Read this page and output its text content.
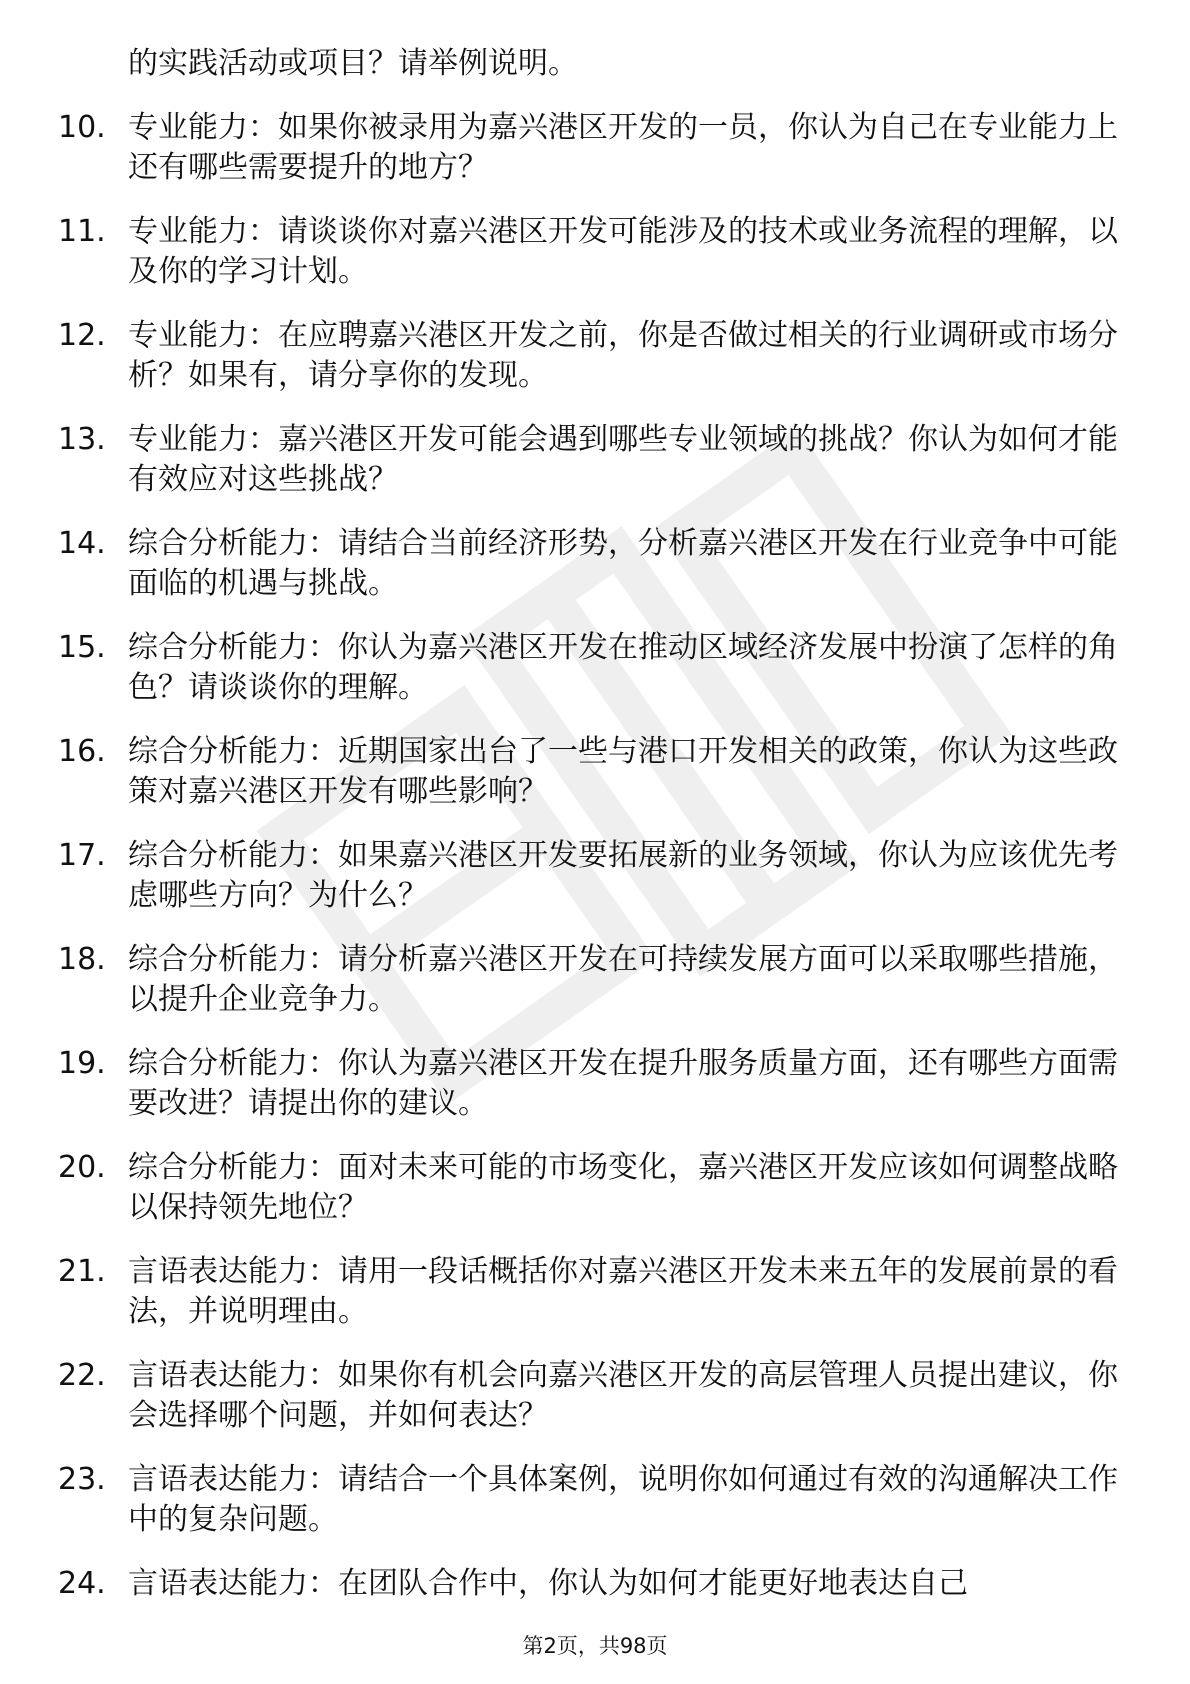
的实践活动或项目？请举例说明。
10. 专业能力：如果你被录用为嘉兴港区开发的一员，你认为自己在专业能力上还有哪些需要提升的地方？
11. 专业能力：请谈谈你对嘉兴港区开发可能涉及的技术或业务流程的理解，以及你的学习计划。
12. 专业能力：在应聘嘉兴港区开发之前，你是否做过相关的行业调研或市场分析？如果有，请分享你的发现。
13. 专业能力：嘉兴港区开发可能会遇到哪些专业领域的挑战？你认为如何才能有效应对这些挑战？
14. 综合分析能力：请结合当前经济形势，分析嘉兴港区开发在行业竞争中可能面临的机遇与挑战。
15. 综合分析能力：你认为嘉兴港区开发在推动区域经济发展中扮演了怎样的角色？请谈谈你的理解。
16. 综合分析能力：近期国家出台了一些与港口开发相关的政策，你认为这些政策对嘉兴港区开发有哪些影响？
17. 综合分析能力：如果嘉兴港区开发要拓展新的业务领域，你认为应该优先考虑哪些方向？为什么？
18. 综合分析能力：请分析嘉兴港区开发在可持续发展方面可以采取哪些措施，以提升企业竞争力。
19. 综合分析能力：你认为嘉兴港区开发在提升服务质量方面，还有哪些方面需要改进？请提出你的建议。
20. 综合分析能力：面对未来可能的市场变化，嘉兴港区开发应该如何调整战略以保持领先地位？
21. 言语表达能力：请用一段话概括你对嘉兴港区开发未来五年的发展前景的看法，并说明理由。
22. 言语表达能力：如果你有机会向嘉兴港区开发的高层管理人员提出建议，你会选择哪个问题，并如何表达？
23. 言语表达能力：请结合一个具体案例，说明你如何通过有效的沟通解决工作中的复杂问题。
24. 言语表达能力：在团队合作中，你认为如何才能更好地表达自己
第2页，共98页
